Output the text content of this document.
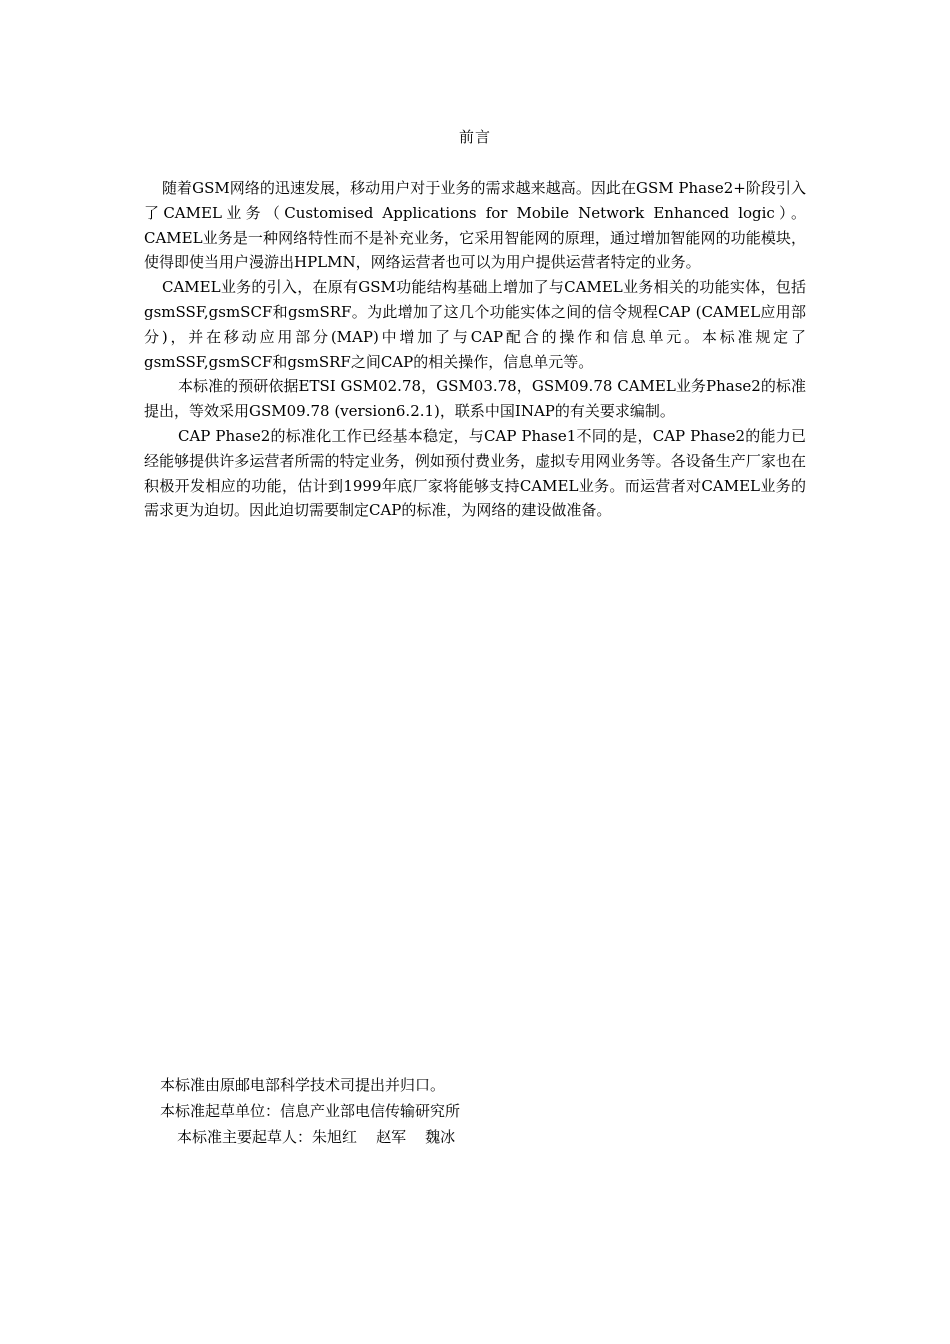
前言

随着GSM网络的迅速发展，移动用户对于业务的需求越来越高。因此在GSM Phase2+阶段引入了CAMEL业务（Customised Applications for Mobile Network Enhanced logic）。CAMEL业务是一种网络特性而不是补充业务，它采用智能网的原理，通过增加智能网的功能模块，使得即使当用户漫游出HPLMN，网络运营者也可以为用户提供运营者特定的业务。

CAMEL业务的引入，在原有GSM功能结构基础上增加了与CAMEL业务相关的功能实体，包括gsmSSF,gsmSCF和gsmSRF。为此增加了这几个功能实体之间的信令规程CAP (CAMEL应用部分)，并在移动应用部分(MAP)中增加了与CAP配合的操作和信息单元。本标准规定了gsmSSF,gsmSCF和gsmSRF之间CAP的相关操作，信息单元等。

本标准的预研依据ETSI GSM02.78，GSM03.78，GSM09.78 CAMEL业务Phase2的标准提出，等效采用GSM09.78 (version6.2.1)，联系中国INAP的有关要求编制。

CAP Phase2的标准化工作已经基本稳定，与CAP Phase1不同的是，CAP Phase2的能力已经能够提供许多运营者所需的特定业务，例如预付费业务，虚拟专用网业务等。各设备生产厂家也在积极开发相应的功能，估计到1999年底厂家将能够支持CAMEL业务。而运营者对CAMEL业务的需求更为迫切。因此迫切需要制定CAP的标准，为网络的建设做准备。

本标准由原邮电部科学技术司提出并归口。

本标准起草单位：信息产业部电信传输研究所

本标准主要起草人：朱旭红    赵军    魏冰
